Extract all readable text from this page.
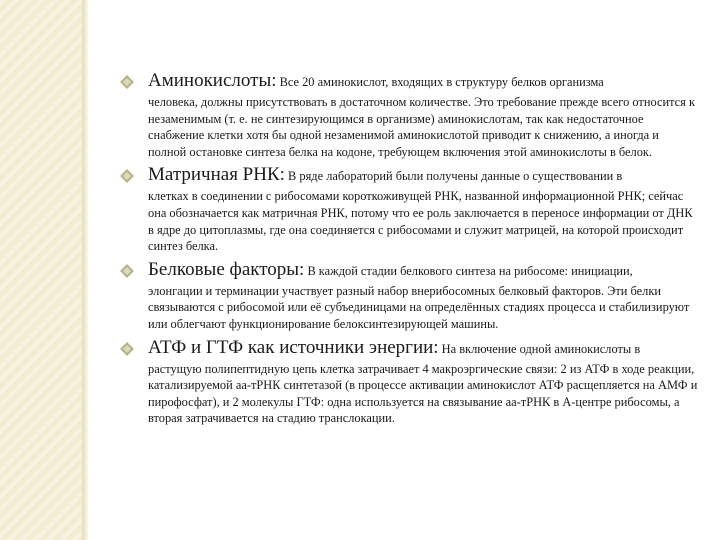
Аминокислоты: Все 20 аминокислот, входящих в структуру белков организма

человека, должны присутствовать в достаточном количестве. Это требование прежде всего относится к незаменимым (т. е. не синтезирующимся в организме) аминокислотам, так как недостаточное снабжение клетки хотя бы одной незаменимой аминокислотой приводит к снижению, а иногда и полной остановке синтеза белка на кодоне, требующем включения этой аминокислоты в белок.

Матричная РНК: В ряде лабораторий были получены данные о существовании в

клетках в соединении с рибосомами короткоживущей РНК, названной информационной РНК; сейчас она обозначается как матричная РНК, потому что ее роль заключается в переносе информации от ДНК в ядре до цитоплазмы, где она соединяется с рибосомами и служит матрицей, на которой происходит синтез белка.

Белковые факторы: В каждой стадии белкового синтеза на рибосоме: инициации,

элонгации и терминации участвует разный набор внерибосомных белковый факторов. Эти белки связываются с рибосомой или её субъединицами на определённых стадиях процесса и стабилизируют или облегчают функционирование белоксинтезирующей машины.

АТФ и ГТФ как источники энергии: На включение одной аминокислоты в

растущую полипептидную цепь клетка затрачивает 4 макроэргические связи: 2 из АТФ в ходе реакции, катализируемой аа-тРНК синтетазой (в процессе активации аминокислот АТФ расщепляется на АМФ и пирофосфат), и 2 молекулы ГТФ: одна используется на связывание аа-тРНК в А-центре рибосомы, а вторая затрачивается на стадию транслокации.
